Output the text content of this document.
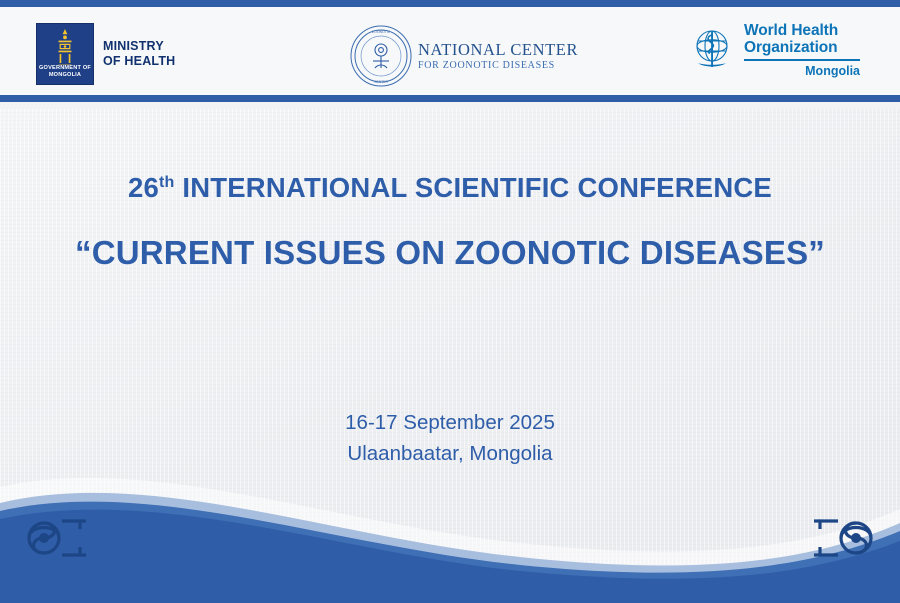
GOVERNMENT OF
MONGOLIA
MINISTRY
OF HEALTH
ZOONOTIC
CENTER
NATIONAL CENTER
FOR ZOONOTIC DISEASES
World Health
Organization
Mongolia
26th INTERNATIONAL SCIENTIFIC CONFERENCE
“CURRENT ISSUES ON ZOONOTIC DISEASES”
16-17 September 2025
Ulaanbaatar, Mongolia
